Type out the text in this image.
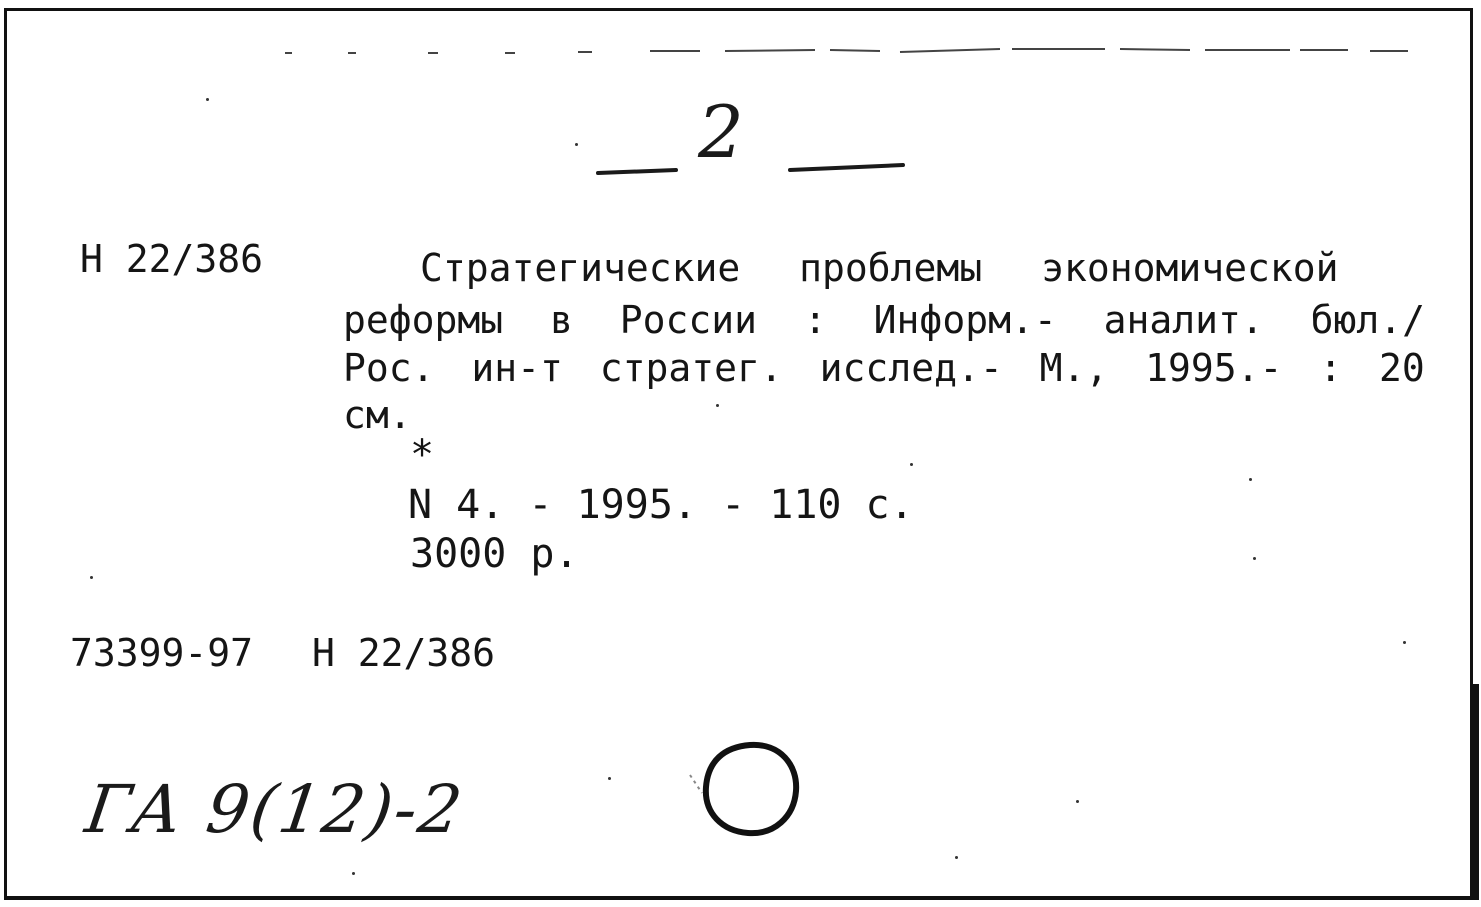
2
Н 22/386	Стратегические проблемы экономической
реформы в России : Информ.- аналит. бюл./
Рос. ин-т стратег. исслед.- М., 1995.- : 20
см.
*
N 4. - 1995. - 110 с.
3000 р.
73399-97 Н 22/386
ГА 9(12)-2
